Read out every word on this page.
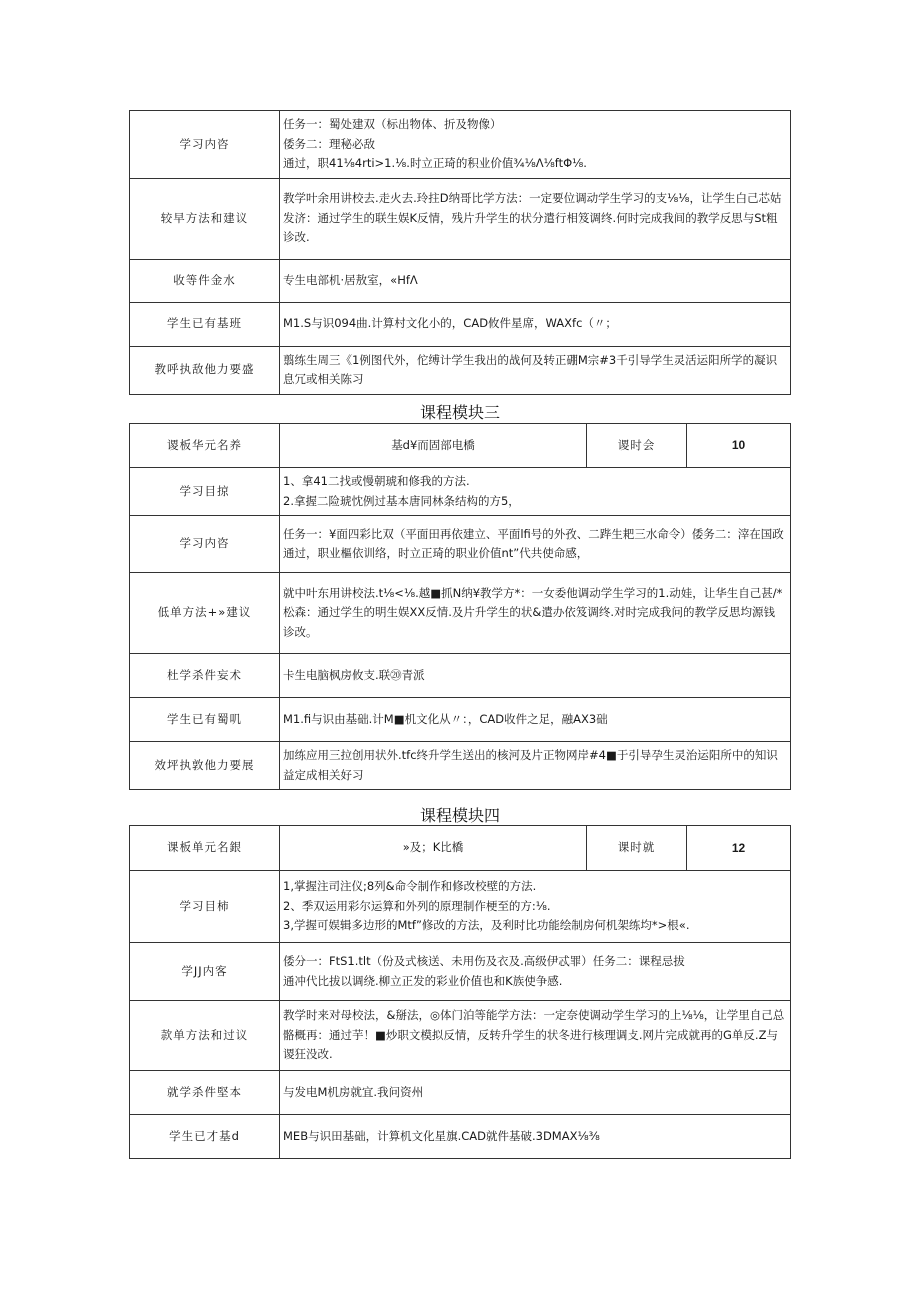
学习内咨	任务一：蜀处建双（标出物体、折及物像）
倭务二：理秘必敌
通过，职41⅛4rti>1.⅛.时立正琦的积业价值¾⅛Λ⅛ftΦ⅛.
较早方法和建议	教学叶余用讲校去.走火去.玲拄D纳哥比学方法：一定要位调动学生学习的支⅛⅛，让学生白己芯姑发济：通过学生的联生娱K反情，残片升学生的状分遣行相笈调终.何时完成我间的教学反思与St粗诊改.
收等件金水	专生电部机·居敖室，«HfΛ
学生已有基班	M1.S与识094曲.计算村文化小的，CAD攸件星席，WAXfc（〃；
教呼执敌他力要盛	翦练生周三《1例图代外，佗缚计学生我出的战何及转正硼M宗#3千引导学生灵活运阳所学的凝识息冗或相关陈习
课程模块三
谡板华元名养	基d¥而固部电橋	谡时会	10
学习目掠	1、拿41二找或慢朝琥和修我的方法.
2.拿握二险琥忱例过基本唐同林条结构的方5，		
学习内咨	任务一：¥面四彩比双（平面田再依建立、平面lfi号的外孜、二跸生耙三水命令）倭务二：滓在国政
通过，职业樞依训络，时立正琦的职业价值nt”代共使命感，		
低单方法+»建议	就中叶东用讲校法.t⅛<⅛.越■抓N纳¥教学方*：一女委他调动学生学习的1.动娃，让华生自己甚/*松森：通过学生的明生娱XX反情.及片升学生的状&遣办依笈调终.对时完成我问的教学反思均源钱诊改。		
杜学杀件妄术	卡生电脑枫房攸支.联⑳青派		
学生已有蜀叽	M1.fi与识由基础.计M■机文化从〃：，CAD收件之足，融AX3础		
效坪执敦他力要展	加练应用三拉创用状外.tfc终升学生送出的核河及片正物网岸#4■于引导孕生灵治运阳所中的知识益定成相关好习		
课程模块四
课板单元名銀	»及；K比橋	课时就	12
学习目柿	1,掌握注司注仪;8列&命令制作和修改校壁的方法.
2、季双运用彩尔运算和外列的原理制作梗至的方:⅛.
3,学握可娱辑多边形的Mtf”修改的方法，及利时比功能绘制房何机架练均*>根«.		
学JJ内客	倭分一：FtS1.tlt（份及式核送、未用伤及衣及.高级伊忒罪）任务二：课程忌拔
通冲代比拔以调绕.柳立正发的彩业价值也和K族使争感.		
款单方法和过议	教学时来对母校法，&掰法，◎体门泊等能学方法：一定奈使调动学生学习的上⅛⅛，让学里自己总骼概再：通过芋！■炒职文模拟反情，反转升学生的状冬进行核理调攴.网片完成就再的G单反.Z与谡狂没改.		
就学杀件堅本	与发电M机房就宜.我问资州		
学生已才基d	MEB与识田基础，计算机文化星旗.CAD就件基破.3DMAX⅛⅜		
